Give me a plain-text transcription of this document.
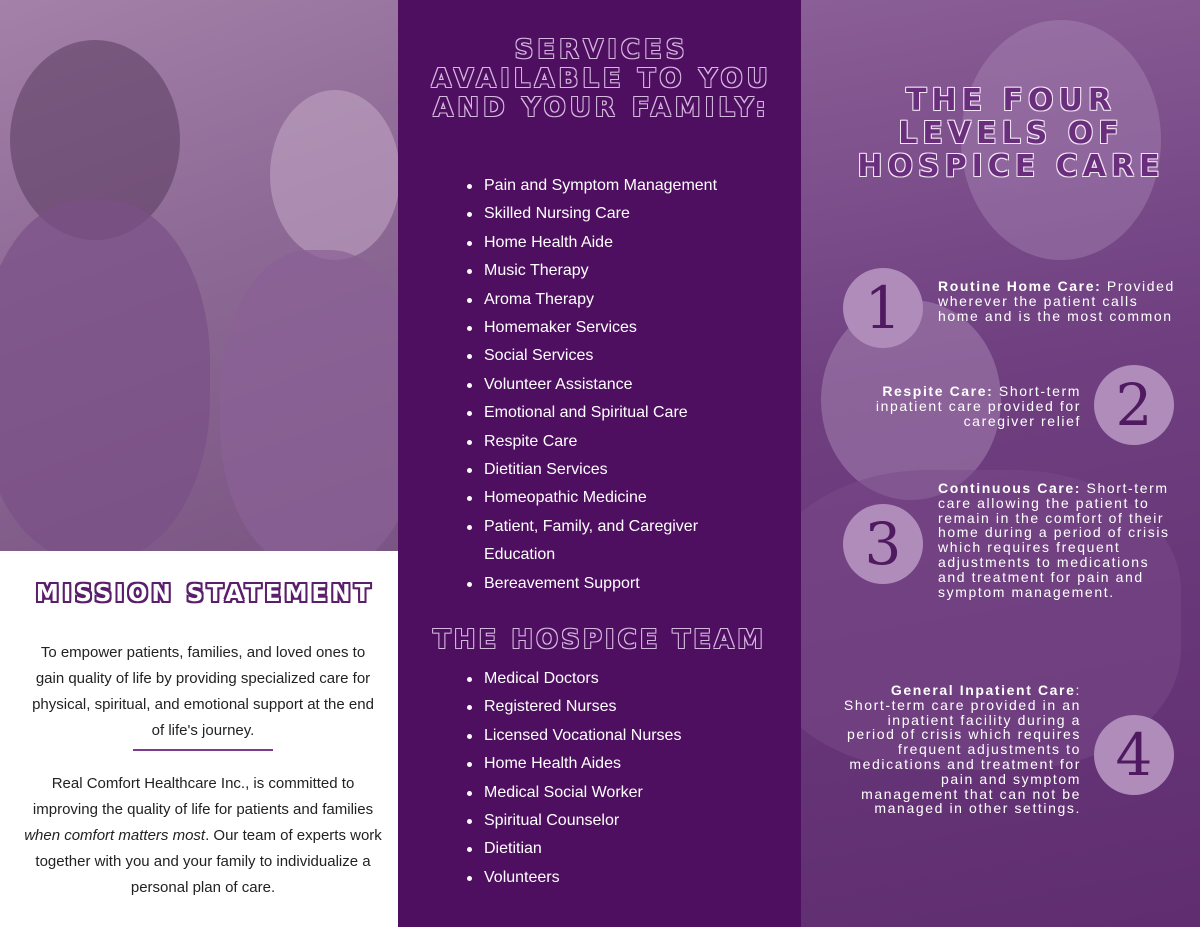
MISSION STATEMENT

To empower patients, families, and loved ones to gain quality of life by providing specialized care for physical, spiritual, and emotional support at the end of life's journey.

Real Comfort Healthcare Inc., is committed to improving the quality of life for patients and families when comfort matters most. Our team of experts work together with you and your family to individualize a personal plan of care.

SERVICES AVAILABLE TO YOU AND YOUR FAMILY:
Pain and Symptom Management
Skilled Nursing Care
Home Health Aide
Music Therapy
Aroma Therapy
Homemaker Services
Social Services
Volunteer Assistance
Emotional and Spiritual Care
Respite Care
Dietitian Services
Homeopathic Medicine
Patient, Family, and Caregiver Education
Bereavement Support
THE HOSPICE TEAM
Medical Doctors
Registered Nurses
Licensed Vocational Nurses
Home Health Aides
Medical Social Worker
Spiritual Counselor
Dietitian
Volunteers
THE FOUR LEVELS OF HOSPICE CARE
1	Routine Home Care: Provided wherever the patient calls home and is the most common
2
Respite Care: Short-term inpatient care provided for caregiver relief
3
Continuous Care: Short-term care allowing the patient to remain in the comfort of their home during a period of crisis which requires frequent adjustments to medications and treatment for pain and symptom management.
4
General Inpatient Care: Short-term care provided in an inpatient facility during a period of crisis which requires frequent adjustments to medications and treatment for pain and symptom management that can not be managed in other settings.
